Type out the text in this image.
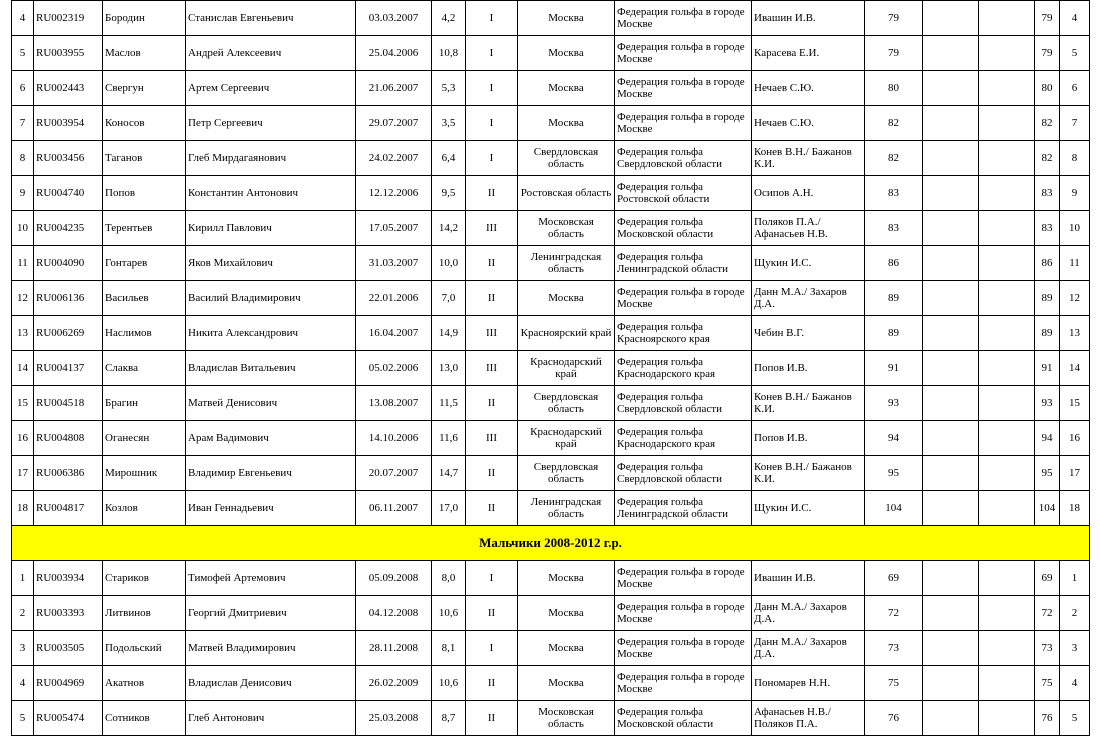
4	RU002319	Бородин	Станислав Евгеньевич	03.03.2007	4,2	I	Москва	Федерация гольфа в городе Москве	Ивашин И.В.	79			79	4
5	RU003955	Маслов	Андрей Алексеевич	25.04.2006	10,8	I	Москва	Федерация гольфа в городе Москве	Карасева Е.И.	79			79	5
6	RU002443	Свергун	Артем Сергеевич	21.06.2007	5,3	I	Москва	Федерация гольфа в городе Москве	Нечаев С.Ю.	80			80	6
7	RU003954	Коносов	Петр Сергеевич	29.07.2007	3,5	I	Москва	Федерация гольфа в городе Москве	Нечаев С.Ю.	82			82	7
8	RU003456	Таганов	Глеб Мирдагаянович	24.02.2007	6,4	I	Свердловская область	Федерация гольфа Свердловской области	Конев В.Н./ Бажанов К.И.	82			82	8
9	RU004740	Попов	Константин Антонович	12.12.2006	9,5	II	Ростовская область	Федерация гольфа Ростовской области	Осипов А.Н.	83			83	9
10	RU004235	Терентьев	Кирилл Павлович	17.05.2007	14,2	III	Московская область	Федерация гольфа Московской области	Поляков П.А./ Афанасьев Н.В.	83			83	10
11	RU004090	Гонтарев	Яков Михайлович	31.03.2007	10,0	II	Ленинградская область	Федерация гольфа Ленинградской области	Щукин И.С.	86			86	11
12	RU006136	Васильев	Василий Владимирович	22.01.2006	7,0	II	Москва	Федерация гольфа в городе Москве	Данн М.А./ Захаров Д.А.	89			89	12
13	RU006269	Наслимов	Никита Александрович	16.04.2007	14,9	III	Красноярский край	Федерация гольфа Красноярского края	Чебин В.Г.	89			89	13
14	RU004137	Слаква	Владислав Витальевич	05.02.2006	13,0	III	Краснодарский край	Федерация гольфа Краснодарского края	Попов И.В.	91			91	14
15	RU004518	Брагин	Матвей Денисович	13.08.2007	11,5	II	Свердловская область	Федерация гольфа Свердловской области	Конев В.Н./ Бажанов К.И.	93			93	15
16	RU004808	Оганесян	Арам Вадимович	14.10.2006	11,6	III	Краснодарский край	Федерация гольфа Краснодарского края	Попов И.В.	94			94	16
17	RU006386	Мирошник	Владимир Евгеньевич	20.07.2007	14,7	II	Свердловская область	Федерация гольфа Свердловской области	Конев В.Н./ Бажанов К.И.	95			95	17
18	RU004817	Козлов	Иван Геннадьевич	06.11.2007	17,0	II	Ленинградская область	Федерация гольфа Ленинградской области	Щукин И.С.	104			104	18
Мальчики 2008-2012 г.р.														
1	RU003934	Стариков	Тимофей Артемович	05.09.2008	8,0	I	Москва	Федерация гольфа в городе Москве	Ивашин И.В.	69			69	1
2	RU003393	Литвинов	Георгий Дмитриевич	04.12.2008	10,6	II	Москва	Федерация гольфа в городе Москве	Данн М.А./ Захаров Д.А.	72			72	2
3	RU003505	Подольский	Матвей Владимирович	28.11.2008	8,1	I	Москва	Федерация гольфа в городе Москве	Данн М.А./ Захаров Д.А.	73			73	3
4	RU004969	Акатнов	Владислав Денисович	26.02.2009	10,6	II	Москва	Федерация гольфа в городе Москве	Пономарев Н.Н.	75			75	4
5	RU005474	Сотников	Глеб Антонович	25.03.2008	8,7	II	Московская область	Федерация гольфа Московской области	Афанасьев Н.В./ Поляков П.А.	76			76	5
